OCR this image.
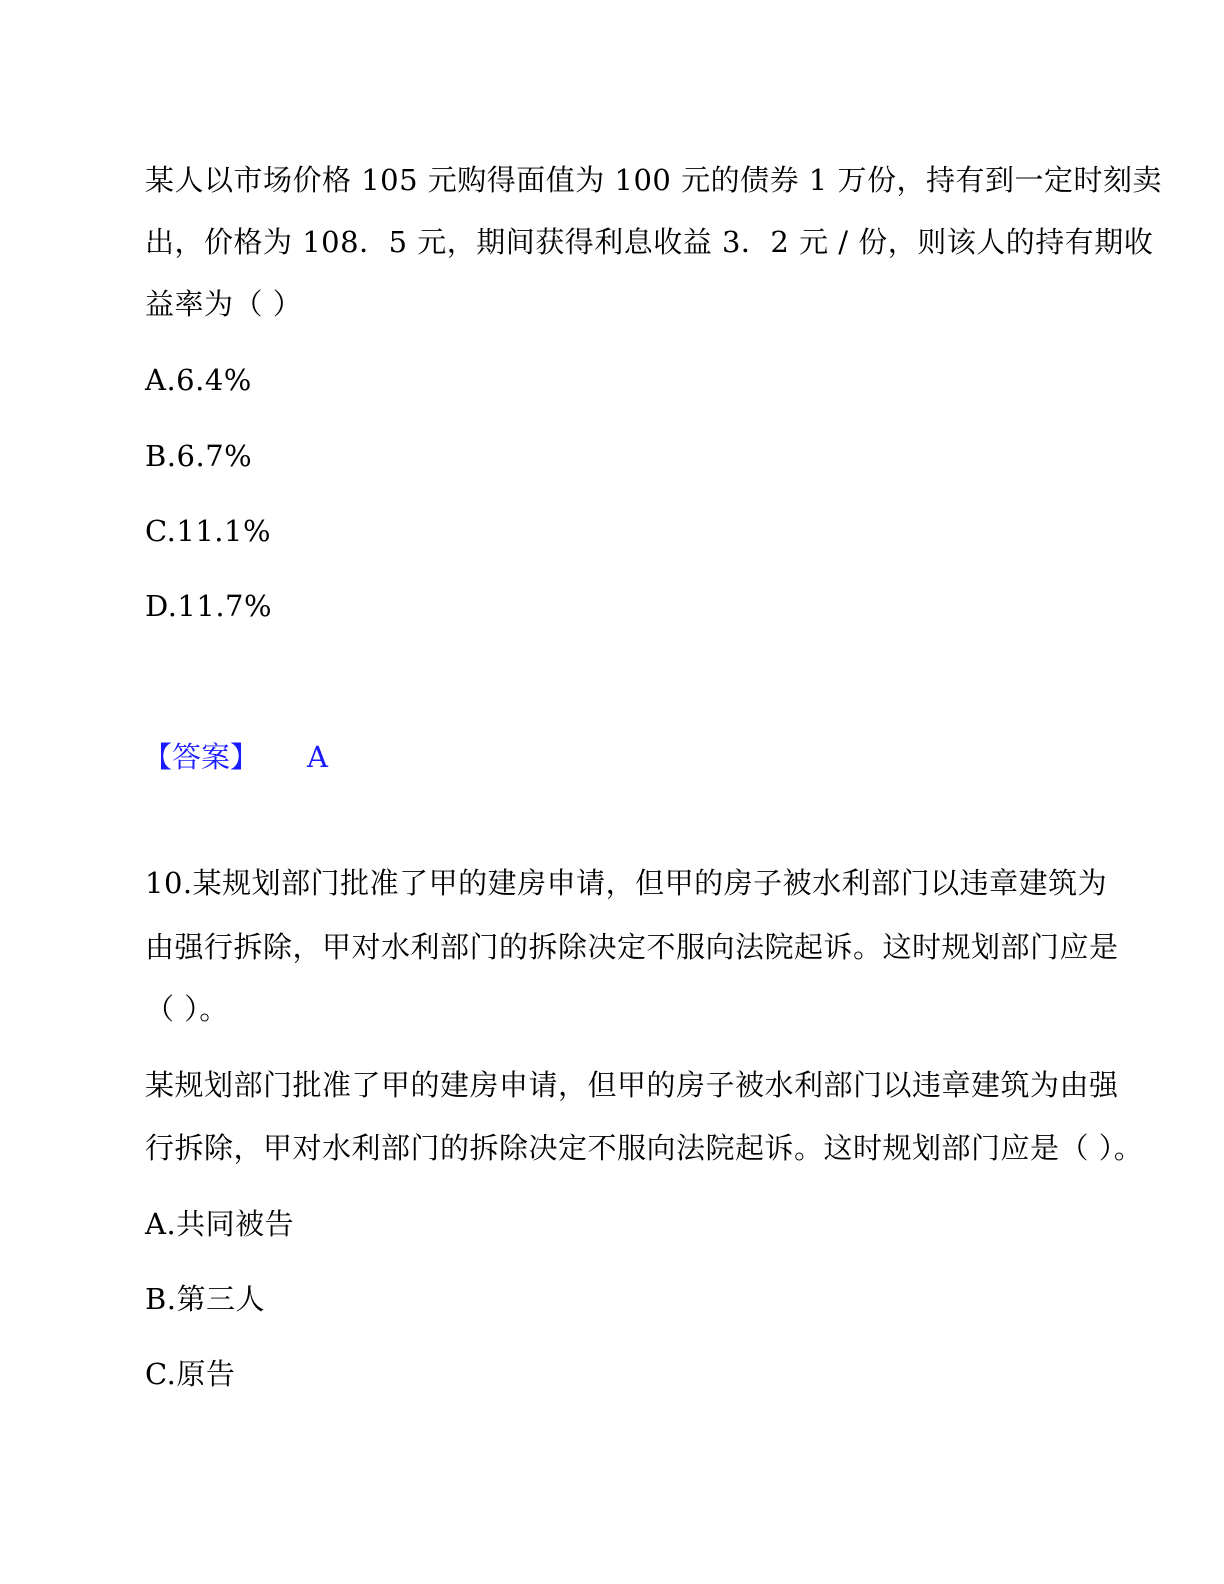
某人以市场价格 105 元购得面值为 100 元的债券 1 万份，持有到一定时刻卖
出，价格为 108．5 元，期间获得利息收益 3．2 元 / 份，则该人的持有期收
益率为（ ）
A.6.4%
B.6.7%
C.11.1%
D.11.7%
【答案】 A
10.某规划部门批准了甲的建房申请，但甲的房子被水利部门以违章建筑为
由强行拆除，甲对水利部门的拆除决定不服向法院起诉。这时规划部门应是
（ ）。
某规划部门批准了甲的建房申请，但甲的房子被水利部门以违章建筑为由强
行拆除，甲对水利部门的拆除决定不服向法院起诉。这时规划部门应是（ ）。
A.共同被告
B.第三人
C.原告
